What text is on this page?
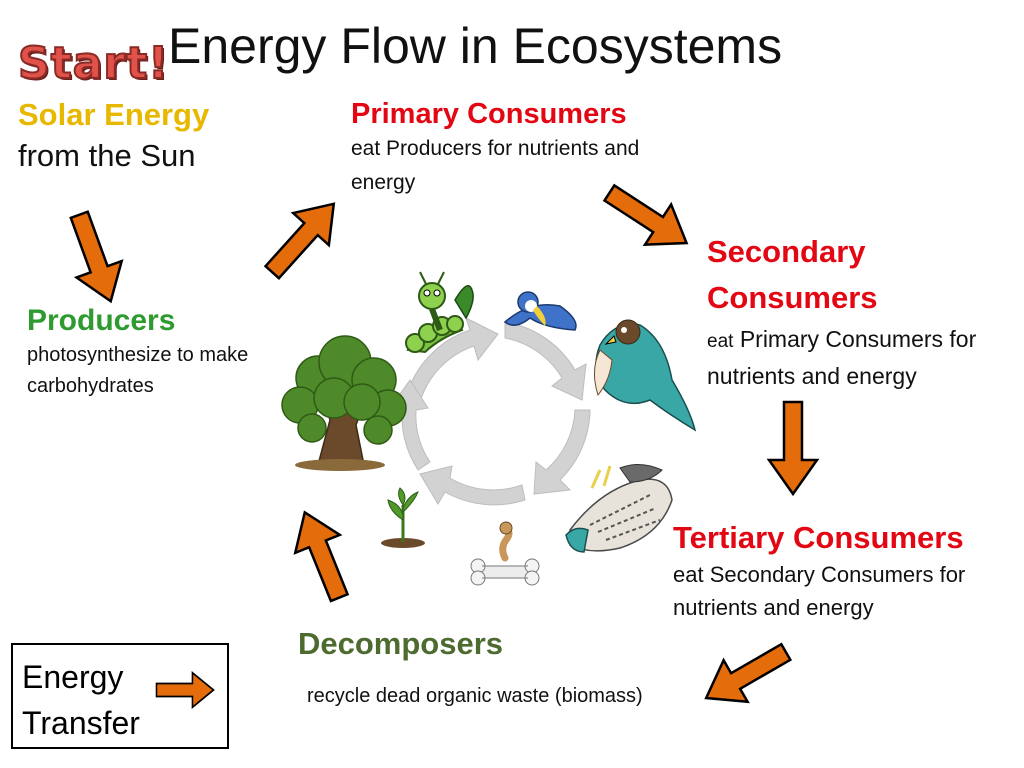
Start!
Energy Flow in Ecosystems
Solar Energy
from the Sun
Producers
photosynthesize to make carbohydrates
Primary Consumers
eat Producers for nutrients and energy
Secondary
Consumers
eat Primary Consumers for nutrients and energy
Tertiary Consumers
eat Secondary Consumers for nutrients and energy
Decomposers
recycle dead organic waste (biomass)
Energy Transfer
